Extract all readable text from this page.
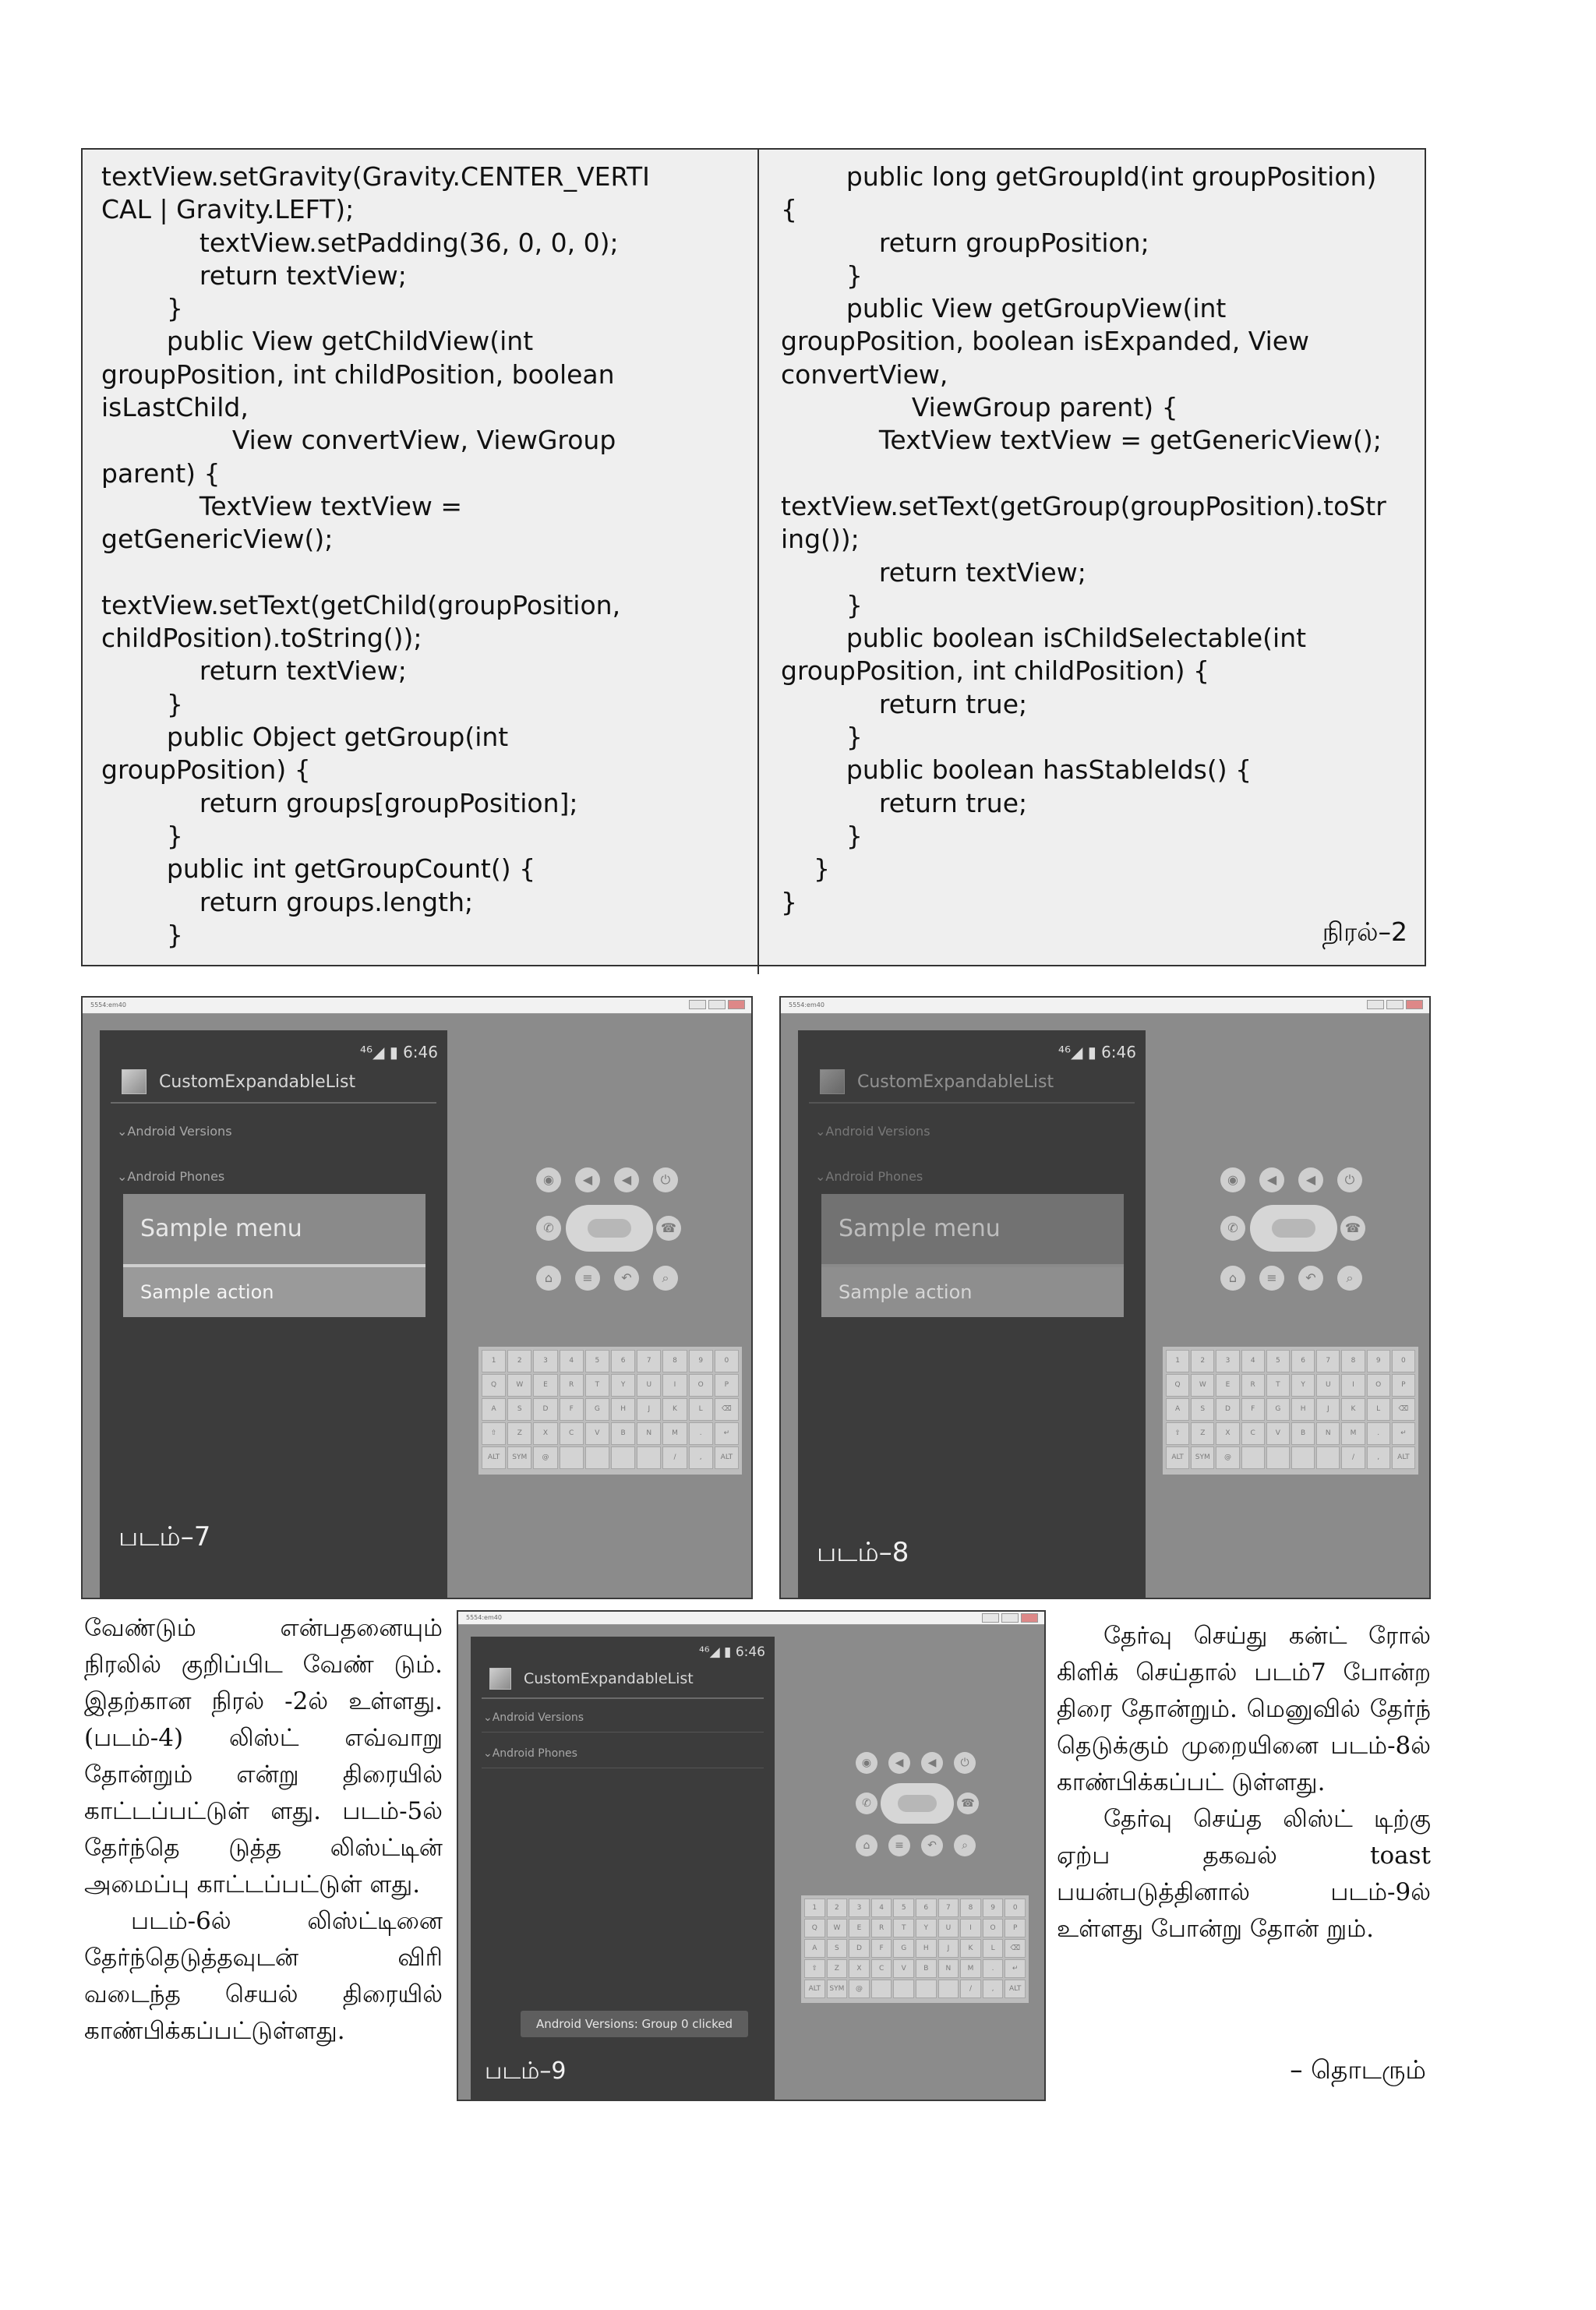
textView.setGravity(Gravity.CENTER_VERTI
CAL | Gravity.LEFT);
textView.setPadding(36, 0, 0, 0);
return textView;
}
public View getChildView(int
groupPosition, int childPosition, boolean
isLastChild,
View convertView, ViewGroup
parent) {
TextView textView =
getGenericView();

textView.setText(getChild(groupPosition,
childPosition).toString());
return textView;
}
public Object getGroup(int
groupPosition) {
return groups[groupPosition];
}
public int getGroupCount() {
return groups.length;
}
public long getGroupId(int groupPosition)
{
return groupPosition;
}
public View getGroupView(int
groupPosition, boolean isExpanded, View
convertView,
ViewGroup parent) {
TextView textView = getGenericView();

textView.setText(getGroup(groupPosition).toStr
ing());
return textView;
}
public boolean isChildSelectable(int
groupPosition, int childPosition) {
return true;
}
public boolean hasStableIds() {
return true;
}
}
}
நிரல்–2
5554:em40
⁴⁶◢ ▮ 6:46
CustomExpandableList
⌄Android Versions
⌄Android Phones
Sample menu
Sample action
படம்–7
◉	◀	◀	⏻
✆	☎
⌂	≡	↶	⌕
1	2	3	4	5	6	7	8	9	0
Q	W	E	R	T	Y	U	I	O	P
A	S	D	F	G	H	J	K	L	⌫
⇧	Z	X	C	V	B	N	M	.	↵
ALT	SYM	@	/	,	ALT
5554:em40
⁴⁶◢ ▮ 6:46
CustomExpandableList
⌄Android Versions
⌄Android Phones
Sample menu
Sample action
படம்–8
◉	◀	◀	⏻
✆	☎
⌂	≡	↶	⌕
1	2	3	4	5	6	7	8	9	0
Q	W	E	R	T	Y	U	I	O	P
A	S	D	F	G	H	J	K	L	⌫
⇧	Z	X	C	V	B	N	M	.	↵
ALT	SYM	@	/	,	ALT

வேண்டும் என்பதனையும் நிரலில் குறிப்பிட வேண் டும். இதற்கான நிரல் -2ல் உள்ளது. (படம்-4) லிஸ்ட் எவ்வாறு தோன்றும் என்று திரையில் காட்டப்பட்டுள் ளது. படம்-5ல் தேர்ந்தெ டுத்த லிஸ்ட்டின் அமைப்பு காட்டப்பட்டுள் ளது.

படம்-6ல் லிஸ்ட்டினை தேர்ந்தெடுத்தவுடன் விரி வடைந்த செயல் திரையில் காண்பிக்கப்பட்டுள்ளது.

5554:em40
⁴⁶◢ ▮ 6:46
CustomExpandableList
⌄Android Versions
⌄Android Phones
Android Versions: Group 0 clicked
படம்–9
◉	◀	◀	⏻
✆	☎
⌂	≡	↶	⌕
1	2	3	4	5	6	7	8	9	0
Q	W	E	R	T	Y	U	I	O	P
A	S	D	F	G	H	J	K	L	⌫
⇧	Z	X	C	V	B	N	M	.	↵
ALT	SYM	@	/	,	ALT

தேர்வு செய்து கன்ட் ரோல் கிளிக் செய்தால் படம்7 போன்ற திரை தோன்றும். மெனுவில் தேர்ந் தெடுக்கும் முறையினை படம்-8ல் காண்பிக்கப்பட் டுள்ளது.

தேர்வு செய்த லிஸ்ட் டிற்கு ஏற்ப தகவல் toast பயன்படுத்தினால் படம்-9ல் உள்ளது போன்று தோன் றும்.

– தொடரும்
